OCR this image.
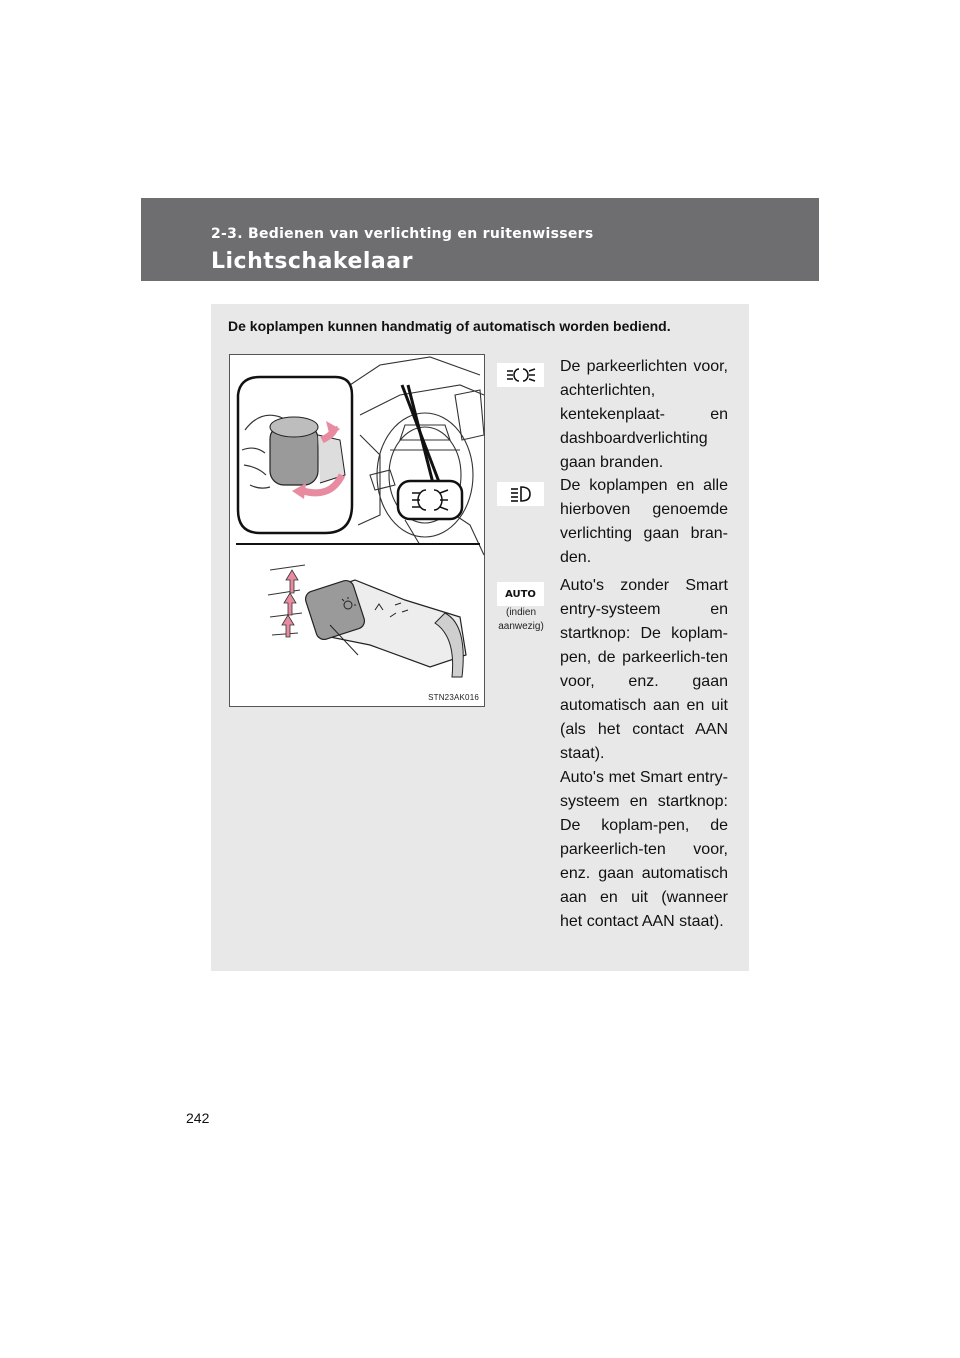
2-3. Bedienen van verlichting en ruitenwissers
Lichtschakelaar
De koplampen kunnen handmatig of automatisch worden bediend.
STN23AK016
De parkeerlichten voor, achterlichten, kentekenplaat- en dashboardverlichting gaan branden.
De koplampen en alle hierboven genoemde verlichting gaan bran-den.
AUTO
(indien aanwezig)
Auto's zonder Smart entry-systeem en startknop: De koplam-pen, de parkeerlich-ten voor, enz. gaan automatisch aan en uit (als het contact AAN staat).
Auto's met Smart entry-systeem en startknop: De koplam-pen, de parkeerlich-ten voor, enz. gaan automatisch aan en uit (wanneer het contact AAN staat).
242
